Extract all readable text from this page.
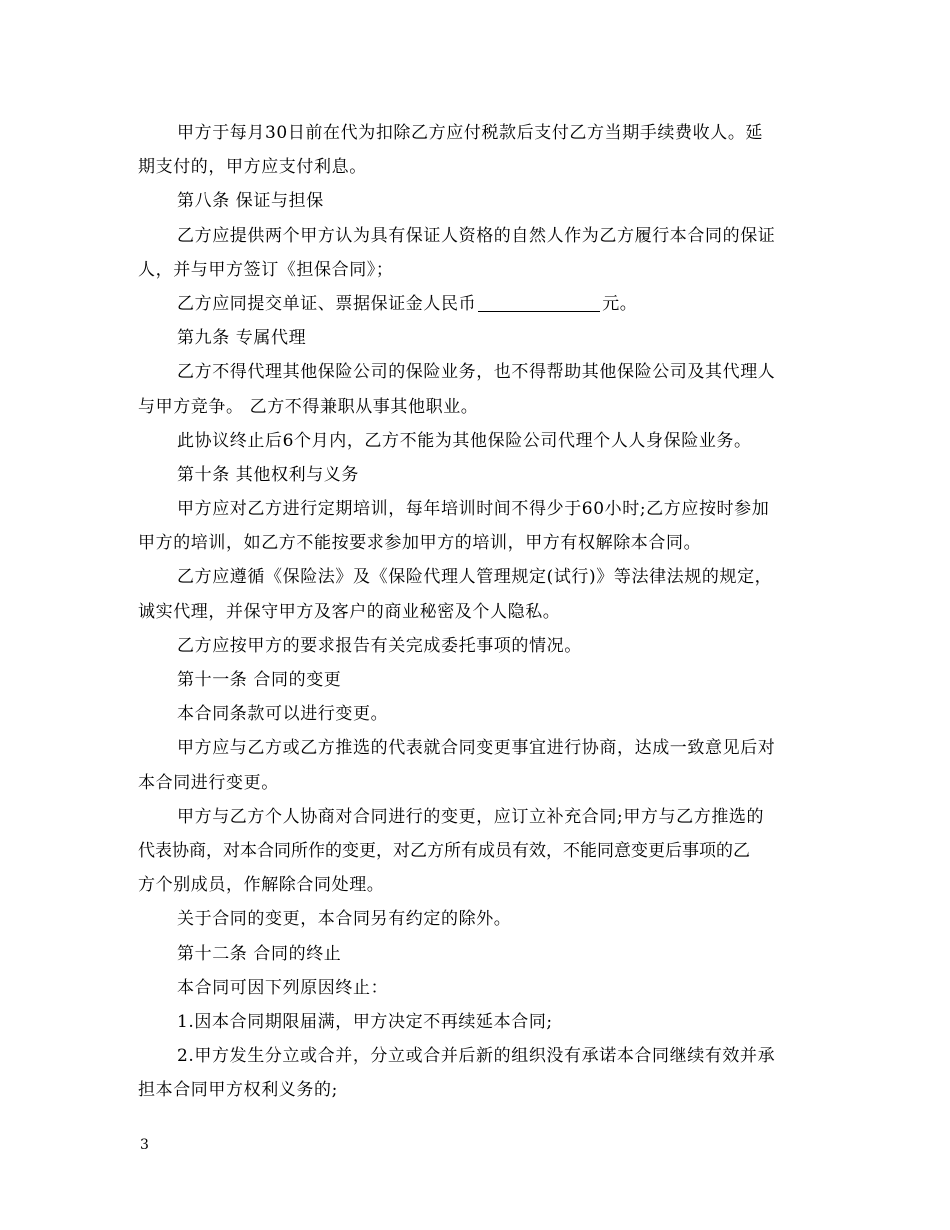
甲方于每月30日前在代为扣除乙方应付税款后支付乙方当期手续费收人。延
期支付的，甲方应支付利息。
第八条 保证与担保
乙方应提供两个甲方认为具有保证人资格的自然人作为乙方履行本合同的保证
人，并与甲方签订《担保合同》；
乙方应同提交单证、票据保证金人民币	元。
第九条 专属代理
乙方不得代理其他保险公司的保险业务，也不得帮助其他保险公司及其代理人
与甲方竞争。 乙方不得兼职从事其他职业。
此协议终止后6个月内，乙方不能为其他保险公司代理个人人身保险业务。
第十条 其他权利与义务
甲方应对乙方进行定期培训，每年培训时间不得少于60小时;乙方应按时参加
甲方的培训，如乙方不能按要求参加甲方的培训，甲方有权解除本合同。
乙方应遵循《保险法》及《保险代理人管理规定(试行)》等法律法规的规定，
诚实代理，并保守甲方及客户的商业秘密及个人隐私。
乙方应按甲方的要求报告有关完成委托事项的情况。
第十一条 合同的变更
本合同条款可以进行变更。
甲方应与乙方或乙方推选的代表就合同变更事宜进行协商，达成一致意见后对
本合同进行变更。
甲方与乙方个人协商对合同进行的变更，应订立补充合同;甲方与乙方推选的
代表协商，对本合同所作的变更，对乙方所有成员有效，不能同意变更后事项的乙
方个别成员，作解除合同处理。
关于合同的变更，本合同另有约定的除外。
第十二条 合同的终止
本合同可因下列原因终止：
1.因本合同期限届满，甲方决定不再续延本合同;
2.甲方发生分立或合并，分立或合并后新的组织没有承诺本合同继续有效并承
担本合同甲方权利义务的;
3
